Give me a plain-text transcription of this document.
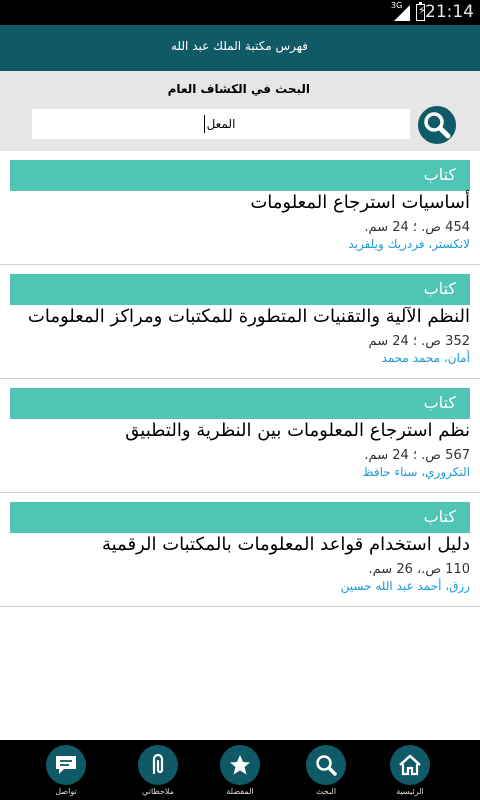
3G ⚡ 21:14
فهرس مكتبة الملك عبد الله
البحث في الكشاف العام
المعل
كتاب
أساسيات استرجاع المعلومات
454 ص. ؛ 24 سم.
لانكستر، فردريك ويلفريد
كتاب
النظم الآلية والتقنيات المتطورة للمكتبات ومراكز المعلومات
352 ص. ؛ 24 سم
أمان، محمد محمد
كتاب
نظم استرجاع المعلومات بين النظرية والتطبيق
567 ص. ؛ 24 سم.
التكروري، سناء حافظ
كتاب
دليل استخدام قواعد المعلومات بالمكتبات الرقمية
110 ص.، 26 سم.
رزق، أحمد عبد الله حسين
تواصل	ملاحظاتي	المفضلة	البحث	الرئيسية
